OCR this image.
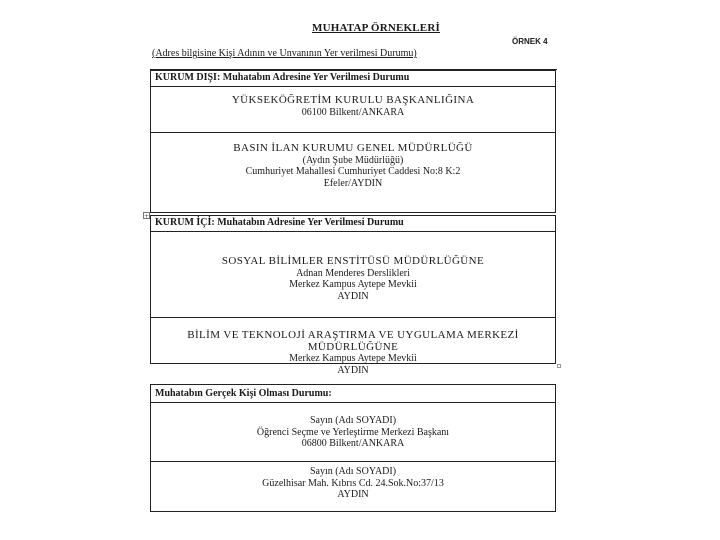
MUHATAP ÖRNEKLERİ
ÖRNEK 4
(Adres bilgisine Kişi Adının ve Unvanının Yer verilmesi Durumu)
KURUM DIŞI: Muhatabın Adresine Yer Verilmesi Durumu
YÜKSEKÖĞRETİM KURULU BAŞKANLIĞINA
06100 Bilkent/ANKARA
BASIN İLAN KURUMU GENEL MÜDÜRLÜĞÜ
(Aydın Şube Müdürlüğü)
Cumhuriyet Mahallesi Cumhuriyet Caddesi No:8 K:2
Efeler/AYDIN
+
KURUM İÇİ: Muhatabın Adresine Yer Verilmesi Durumu
SOSYAL BİLİMLER ENSTİTÜSÜ MÜDÜRLÜĞÜNE
Adnan Menderes Derslikleri
Merkez Kampus Aytepe Mevkii
AYDIN
BİLİM VE TEKNOLOJİ ARAŞTIRMA VE UYGULAMA MERKEZİ MÜDÜRLÜĞÜNE
Merkez Kampus Aytepe Mevkii
AYDIN
Muhatabın Gerçek Kişi Olması Durumu:
Sayın (Adı SOYADI)
Öğrenci Seçme ve Yerleştirme Merkezi Başkanı
06800 Bilkent/ANKARA
Sayın (Adı SOYADI)
Güzelhisar Mah. Kıbrıs Cd. 24.Sok.No:37/13
AYDIN
